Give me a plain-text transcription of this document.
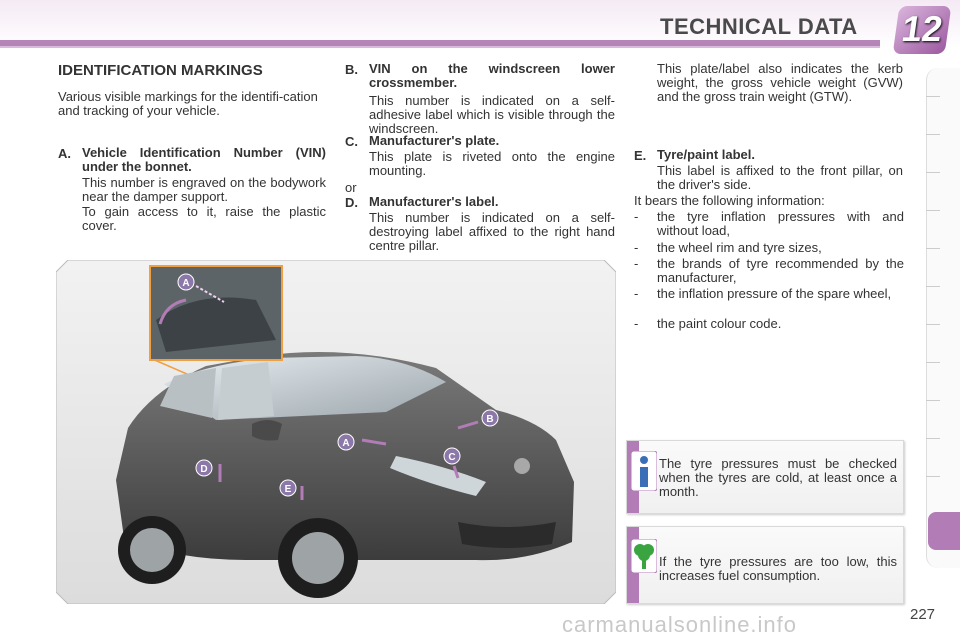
TECHNICAL DATA 12
IDENTIFICATION MARKINGS
Various visible markings for the identifi-cation and tracking of your vehicle.
A. Vehicle Identification Number (VIN) under the bonnet.
This number is engraved on the bodywork near the damper support.
To gain access to it, raise the plastic cover.
B. VIN on the windscreen lower crossmember.
This number is indicated on a self-adhesive label which is visible through the windscreen.
C. Manufacturer's plate.
This plate is riveted onto the engine mounting.
or
D. Manufacturer's label.
This number is indicated on a self-destroying label affixed to the right hand centre pillar.
This plate/label also indicates the kerb weight, the gross vehicle weight (GVW) and the gross train weight (GTW).
E. Tyre/paint label.
This label is affixed to the front pillar, on the driver's side.
It bears the following information:
- the tyre inflation pressures with and without load,
- the wheel rim and tyre sizes,
- the brands of tyre recommended by the manufacturer,
- the inflation pressure of the spare wheel,
- the paint colour code.
The tyre pressures must be checked when the tyres are cold, at least once a month.
If the tyre pressures are too low, this increases fuel consumption.
A
A
B
C
D
E
carmanualsonline.info	227
